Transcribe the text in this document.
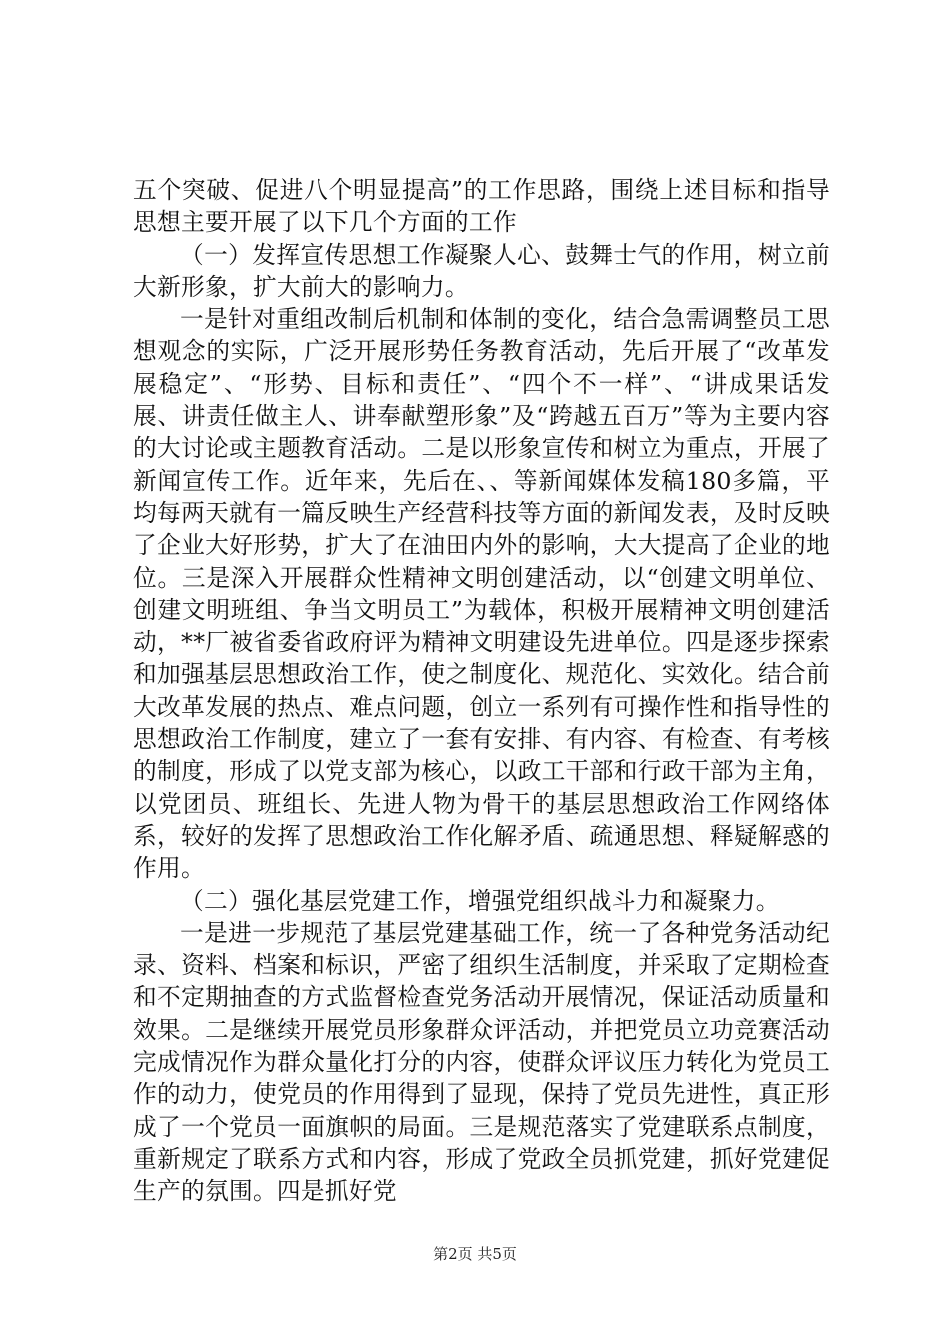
五个突破、促进八个明显提高”的工作思路，围绕上述目标和指导思想主要开展了以下几个方面的工作

（一）发挥宣传思想工作凝聚人心、鼓舞士气的作用，树立前大新形象，扩大前大的影响力。

一是针对重组改制后机制和体制的变化，结合急需调整员工思想观念的实际，广泛开展形势任务教育活动，先后开展了“改革发展稳定”、“形势、目标和责任”、“四个不一样”、“讲成果话发展、讲责任做主人、讲奉献塑形象”及“跨越五百万”等为主要内容的大讨论或主题教育活动。二是以形象宣传和树立为重点，开展了新闻宣传工作。近年来，先后在、、等新闻媒体发稿180多篇，平均每两天就有一篇反映生产经营科技等方面的新闻发表，及时反映了企业大好形势，扩大了在油田内外的影响，大大提高了企业的地位。三是深入开展群众性精神文明创建活动，以“创建文明单位、创建文明班组、争当文明员工”为载体，积极开展精神文明创建活动，**厂被省委省政府评为精神文明建设先进单位。四是逐步探索和加强基层思想政治工作，使之制度化、规范化、实效化。结合前大改革发展的热点、难点问题，创立一系列有可操作性和指导性的思想政治工作制度，建立了一套有安排、有内容、有检查、有考核的制度，形成了以党支部为核心，以政工干部和行政干部为主角，以党团员、班组长、先进人物为骨干的基层思想政治工作网络体系，较好的发挥了思想政治工作化解矛盾、疏通思想、释疑解惑的作用。

（二）强化基层党建工作，增强党组织战斗力和凝聚力。

一是进一步规范了基层党建基础工作，统一了各种党务活动纪录、资料、档案和标识，严密了组织生活制度，并采取了定期检查和不定期抽查的方式监督检查党务活动开展情况，保证活动质量和效果。二是继续开展党员形象群众评活动，并把党员立功竞赛活动完成情况作为群众量化打分的内容，使群众评议压力转化为党员工作的动力，使党员的作用得到了显现，保持了党员先进性，真正形成了一个党员一面旗帜的局面。三是规范落实了党建联系点制度，重新规定了联系方式和内容，形成了党政全员抓党建，抓好党建促生产的氛围。四是抓好党

第2页 共5页
